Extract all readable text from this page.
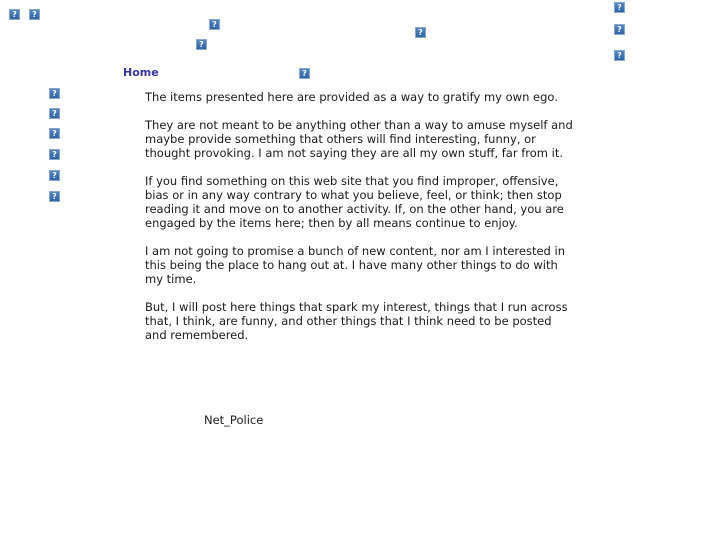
? ?
?
?
?
?
?
?
?
Home
?
?
?
?
?
?

The items presented here are provided as a way to gratify my own ego.

They are not meant to be anything other than a way to amuse myself and maybe provide something that others will find interesting, funny, or thought provoking. I am not saying they are all my own stuff, far from it.

If you find something on this web site that you find improper, offensive, bias or in any way contrary to what you believe, feel, or think; then stop reading it and move on to another activity. If, on the other hand, you are engaged by the items here; then by all means continue to enjoy.

I am not going to promise a bunch of new content, nor am I interested in this being the place to hang out at. I have many other things to do with my time.

But, I will post here things that spark my interest, things that I run across that, I think, are funny, and other things that I think need to be posted and remembered.

Net_Police
